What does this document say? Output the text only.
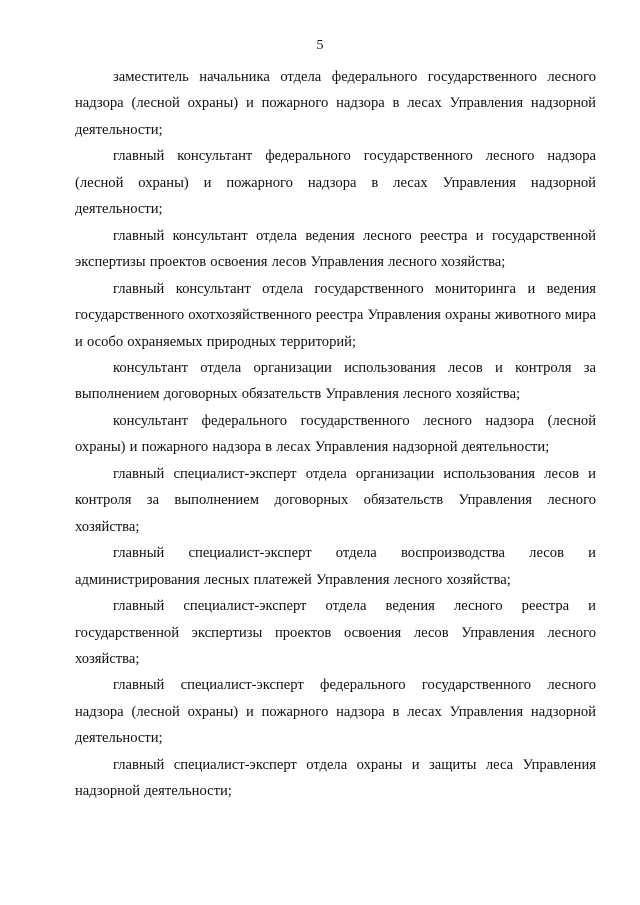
5

заместитель начальника отдела федерального государственного лесного надзора (лесной охраны) и пожарного надзора в лесах Управления надзорной деятельности;

главный консультант федерального государственного лесного надзора (лесной охраны) и пожарного надзора в лесах Управления надзорной деятельности;

главный консультант отдела ведения лесного реестра и государственной экспертизы проектов освоения лесов Управления лесного хозяйства;

главный консультант отдела государственного мониторинга и ведения государственного охотхозяйственного реестра Управления охраны животного мира и особо охраняемых природных территорий;

консультант отдела организации использования лесов и контроля за выполнением договорных обязательств Управления лесного хозяйства;

консультант федерального государственного лесного надзора (лесной охраны) и пожарного надзора в лесах Управления надзорной деятельности;

главный специалист-эксперт отдела организации использования лесов и контроля за выполнением договорных обязательств Управления лесного хозяйства;

главный специалист-эксперт отдела воспроизводства лесов и администрирования лесных платежей Управления лесного хозяйства;

главный специалист-эксперт отдела ведения лесного реестра и государственной экспертизы проектов освоения лесов Управления лесного хозяйства;

главный специалист-эксперт федерального государственного лесного надзора (лесной охраны) и пожарного надзора в лесах Управления надзорной деятельности;

главный специалист-эксперт отдела охраны и защиты леса Управления надзорной деятельности;
